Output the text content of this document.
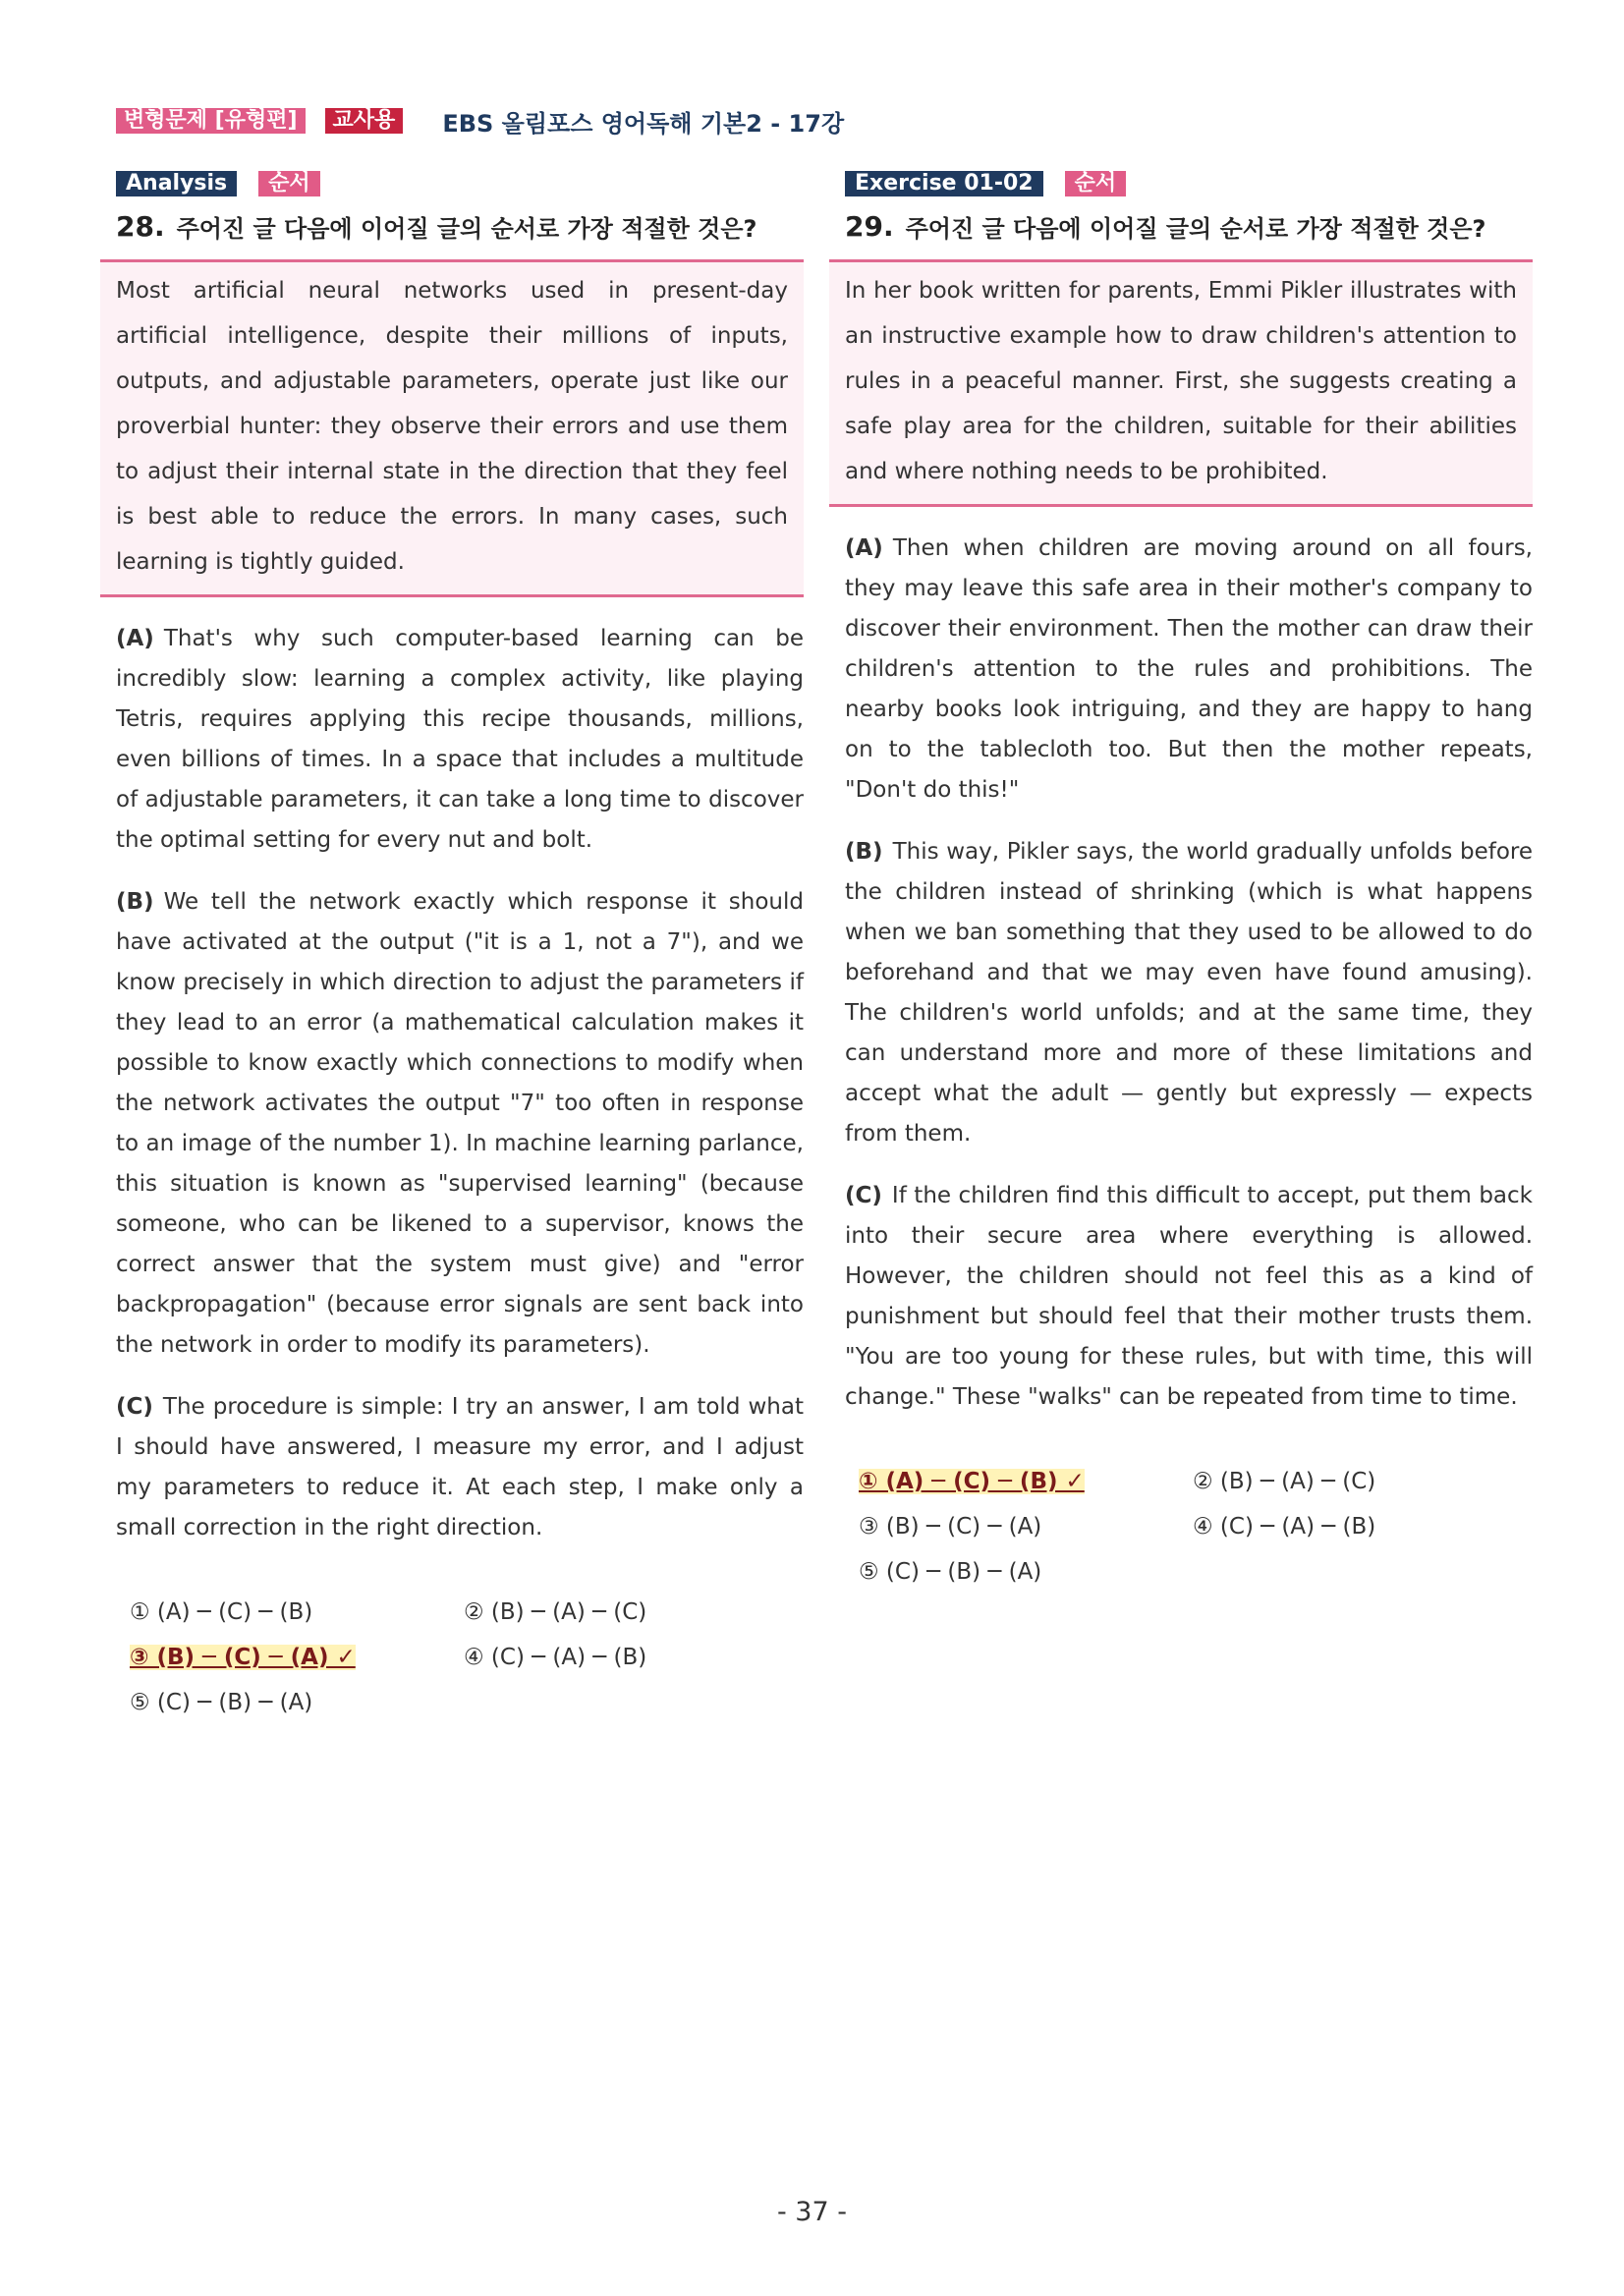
변형문제 [유형편]	교사용	EBS 올림포스 영어독해 기본2 - 17강
Analysis	순서
28. 주어진 글 다음에 이어질 글의 순서로 가장 적절한 것은?
Most artificial neural networks used in present-day artificial intelligence, despite their millions of inputs, outputs, and adjustable parameters, operate just like our proverbial hunter: they observe their errors and use them to adjust their internal state in the direction that they feel is best able to reduce the errors. In many cases, such learning is tightly guided.
(A) That's why such computer-based learning can be incredibly slow: learning a complex activity, like playing Tetris, requires applying this recipe thousands, millions, even billions of times. In a space that includes a multitude of adjustable parameters, it can take a long time to discover the optimal setting for every nut and bolt.
(B) We tell the network exactly which response it should have activated at the output ("it is a 1, not a 7"), and we know precisely in which direction to adjust the parameters if they lead to an error (a mathematical calculation makes it possible to know exactly which connections to modify when the network activates the output "7" too often in response to an image of the number 1). In machine learning parlance, this situation is known as "supervised learning" (because someone, who can be likened to a supervisor, knows the correct answer that the system must give) and "error backpropagation" (because error signals are sent back into the network in order to modify its parameters).
(C) The procedure is simple: I try an answer, I am told what I should have answered, I measure my error, and I adjust my parameters to reduce it. At each step, I make only a small correction in the right direction.
① (A) ─ (C) ─ (B)	② (B) ─ (A) ─ (C)
③ (B) ─ (C) ─ (A) ✓	④ (C) ─ (A) ─ (B)
⑤ (C) ─ (B) ─ (A)
Exercise 01-02	순서
29. 주어진 글 다음에 이어질 글의 순서로 가장 적절한 것은?
In her book written for parents, Emmi Pikler illustrates with an instructive example how to draw children's attention to rules in a peaceful manner. First, she suggests creating a safe play area for the children, suitable for their abilities and where nothing needs to be prohibited.
(A) Then when children are moving around on all fours, they may leave this safe area in their mother's company to discover their environment. Then the mother can draw their children's attention to the rules and prohibitions. The nearby books look intriguing, and they are happy to hang on to the tablecloth too. But then the mother repeats, "Don't do this!"
(B) This way, Pikler says, the world gradually unfolds before the children instead of shrinking (which is what happens when we ban something that they used to be allowed to do beforehand and that we may even have found amusing). The children's world unfolds; and at the same time, they can understand more and more of these limitations and accept what the adult — gently but expressly — expects from them.
(C) If the children find this difficult to accept, put them back into their secure area where everything is allowed. However, the children should not feel this as a kind of punishment but should feel that their mother trusts them. "You are too young for these rules, but with time, this will change." These "walks" can be repeated from time to time.
① (A) ─ (C) ─ (B) ✓	② (B) ─ (A) ─ (C)
③ (B) ─ (C) ─ (A)	④ (C) ─ (A) ─ (B)
⑤ (C) ─ (B) ─ (A)
- 37 -
